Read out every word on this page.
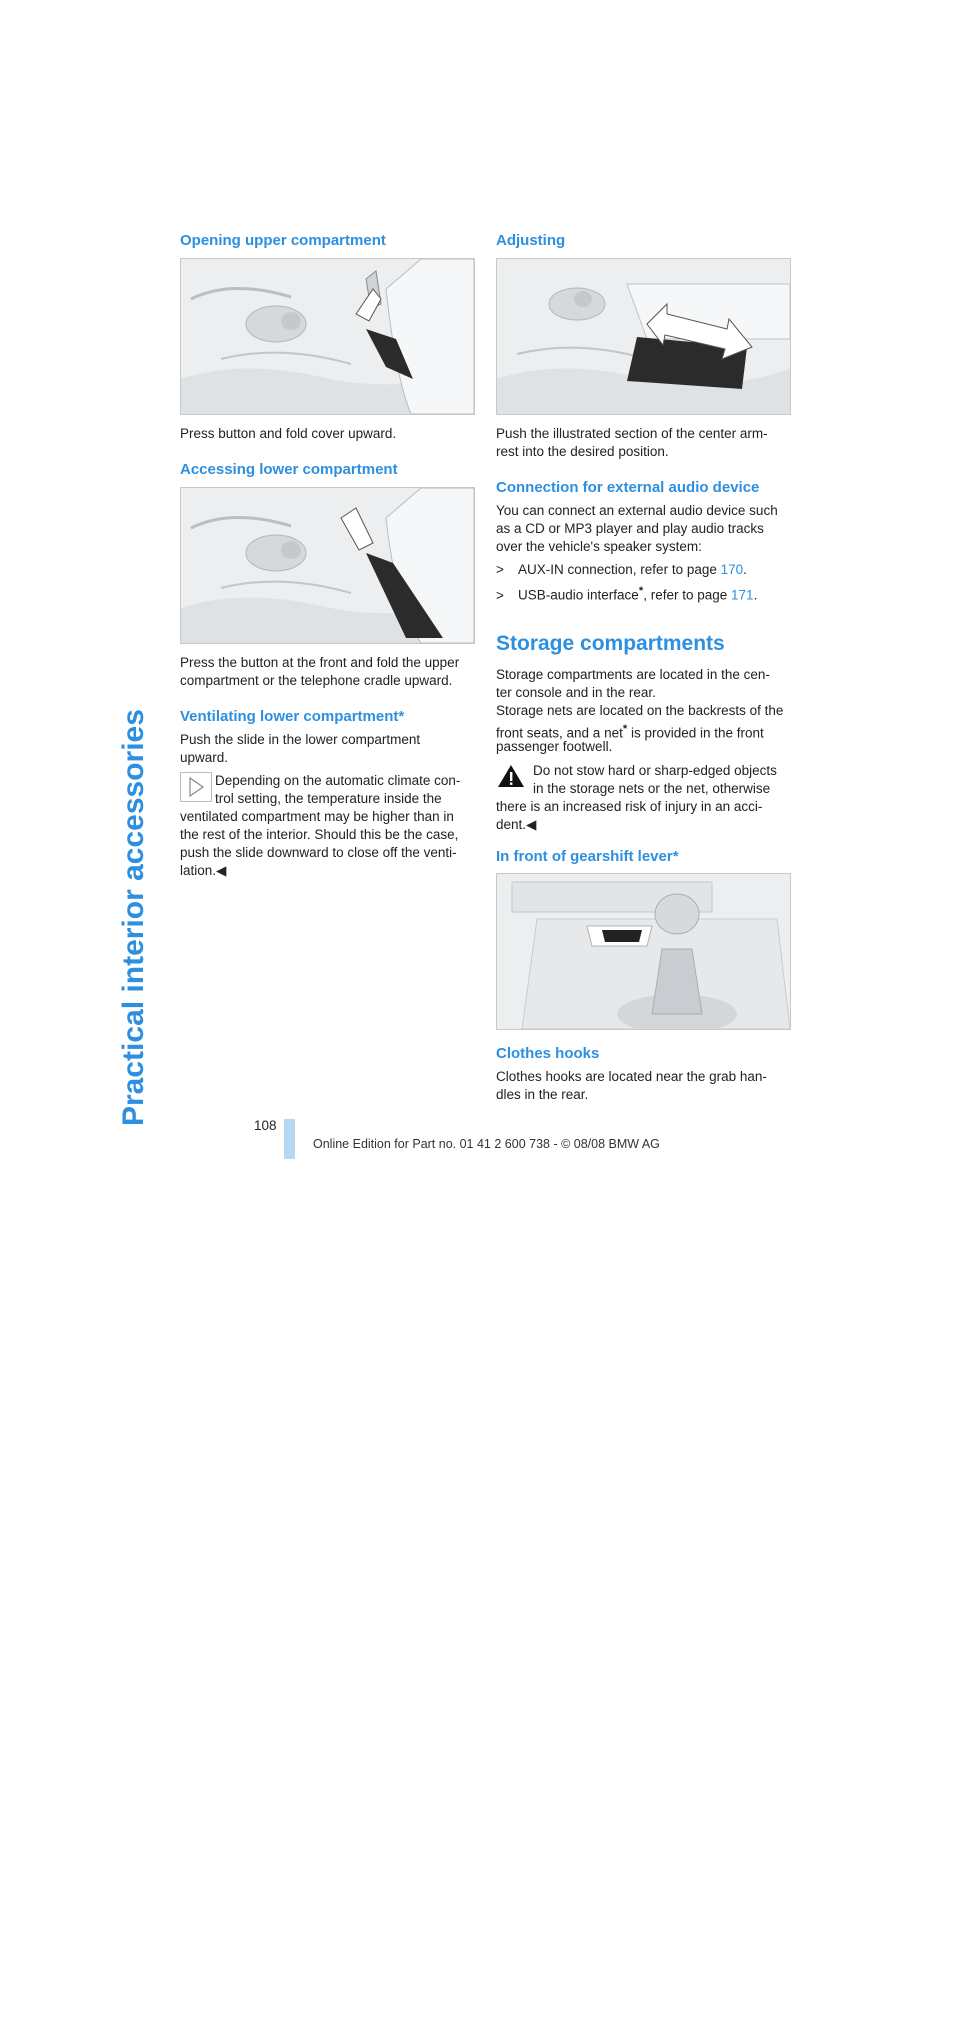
Practical interior accessories
Opening upper compartment

Press button and fold cover upward.

Accessing lower compartment

Press the button at the front and fold the upper

compartment or the telephone cradle upward.

Ventilating lower compartment*

Push the slide in the lower compartment

upward.

Depending on the automatic climate con-

trol setting, the temperature inside the

ventilated compartment may be higher than in

the rest of the interior. Should this be the case,

push the slide downward to close off the venti-

lation.◀

Adjusting

Push the illustrated section of the center arm-

rest into the desired position.

Connection for external audio device

You can connect an external audio device such

as a CD or MP3 player and play audio tracks

over the vehicle's speaker system:

> AUX-IN connection, refer to page 170.
> USB-audio interface*, refer to page 171.
Storage compartments

Storage compartments are located in the cen-

ter console and in the rear.

Storage nets are located on the backrests of the

front seats, and a net* is provided in the front

passenger footwell.

Do not stow hard or sharp-edged objects

in the storage nets or the net, otherwise

there is an increased risk of injury in an acci-

dent.◀

In front of gearshift lever*
Clothes hooks

Clothes hooks are located near the grab han-

dles in the rear.

108
Online Edition for Part no. 01 41 2 600 738 - © 08/08 BMW AG
